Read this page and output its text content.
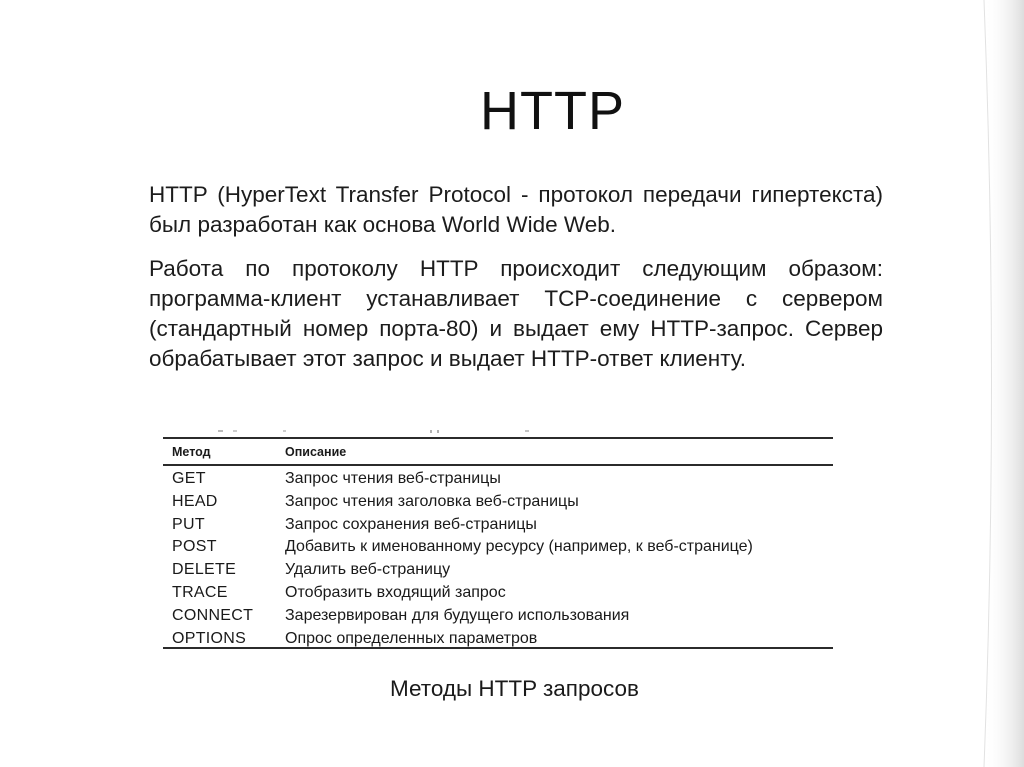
HTTP

HTTP (HyperText Transfer Protocol - протокол передачи гипертекста) был разработан как основа World Wide Web.

Работа по протоколу HTTP происходит следующим образом: программа-клиент устанавливает TCP-соединение с сервером (стандартный номер порта-80) и выдает ему HTTP-запрос. Сервер обрабатывает этот запрос и выдает HTTP-ответ клиенту.

Метод	Описание
GET	Запрос чтения веб-страницы
HEAD	Запрос чтения заголовка веб-страницы
PUT	Запрос сохранения веб-страницы
POST	Добавить к именованному ресурсу (например, к веб-странице)
DELETE	Удалить веб-страницу
TRACE	Отобразить входящий запрос
CONNECT Зарезервирован для будущего использования
OPTIONS Опрос определенных параметров
Методы HTTP запросов
